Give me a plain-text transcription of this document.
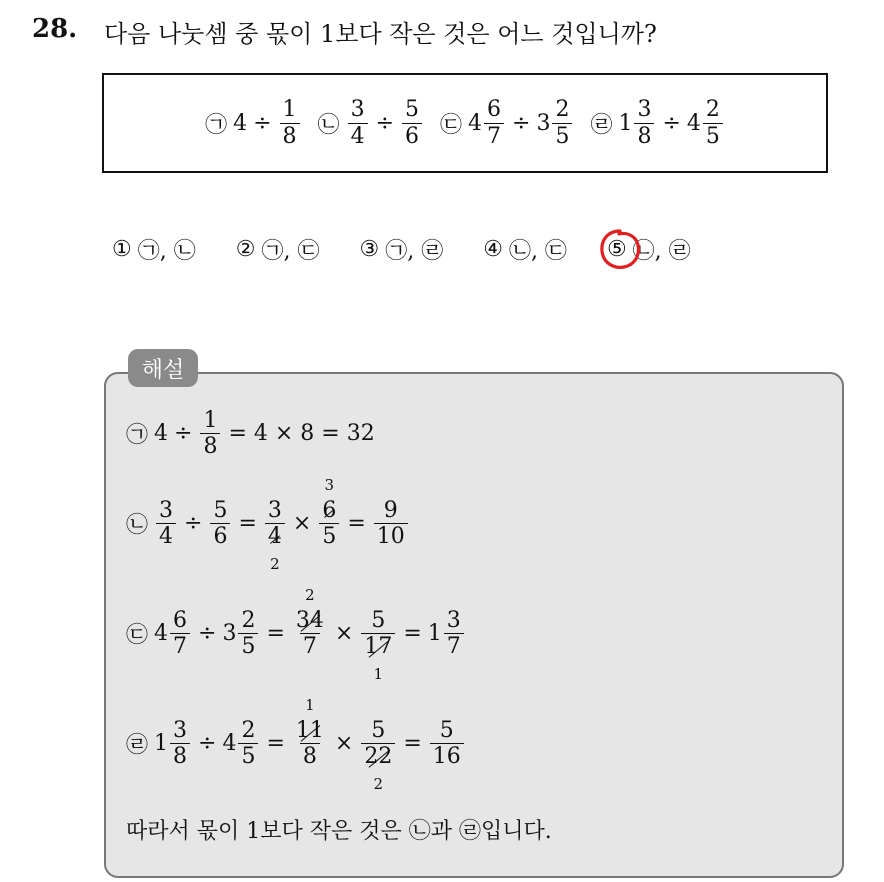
28. 다음 나눗셈 중 몫이 1보다 작은 것은 어느 것입니까?
㉠ $4 \div \frac{1}{8}$ ㉡ $\frac{3}{4} \div \frac{5}{6}$ ㉢ $4 \frac{6}{7} \div 3 \frac{2}{5}$ ㉣ $1 \frac{3}{8} \div 4 \frac{2}{5}$
① ㉠, ㉡ ② ㉠, ㉢ ③ ㉠, ㉣ ④ ㉡, ㉢ ⑤ ㉡, ㉣
해설
㉠ $4 \div \frac{1}{8} = 4 \times 8 = 32$
㉡ $\frac{3}{4} \div \frac{5}{6} = 3$
4
2 × 6
3
$5 = \frac{9}{10}$
㉢ $4 \frac{6}{7} \div 3 \frac{2}{5} = 34$
2
7 × 5
17
$1 = 1 \frac{3}{7}$
㉣ $1 \frac{3}{8} \div 4 \frac{2}{5} = 11$
1
8 × 5
22
$2 = \frac{5}{16}$
따라서 몫이 1보다 작은 것은 ㉡과 ㉣입니다.
